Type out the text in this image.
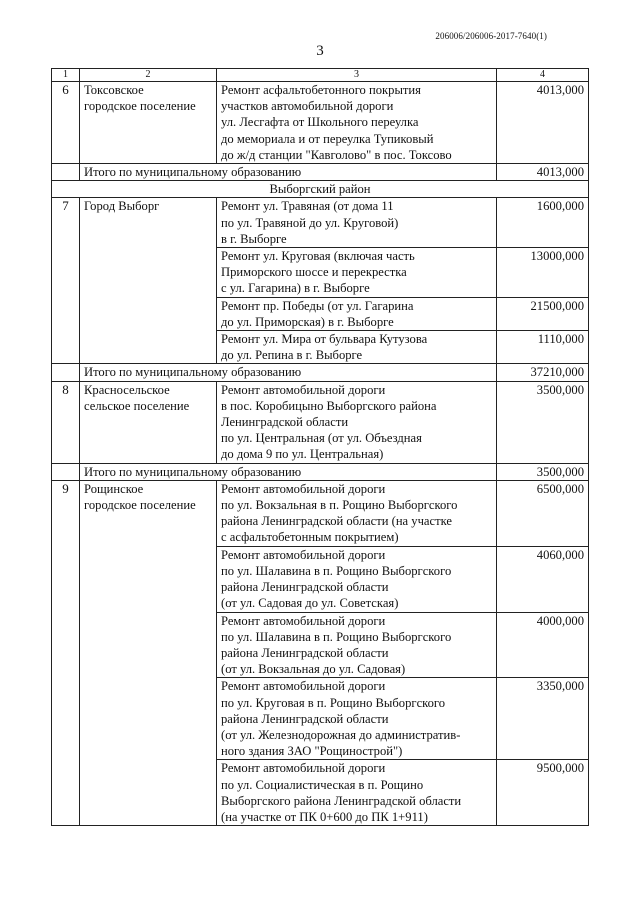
206006/206006-2017-7640(1)
3
1	2	3	4
6	Токсовское
городское поселение	Ремонт асфальтобетонного покрытия
участков автомобильной дороги
ул. Лесгафта от Школьного переулка
до мемориала и от переулка Тупиковый
до ж/д станции "Кавголово" в пос. Токсово	4013,000
	Итого по муниципальному образованию		4013,000
Выборгский район			
7	Город Выборг	Ремонт ул. Травяная (от дома 11
по ул. Травяной до ул. Круговой)
в г. Выборге	1600,000
		Ремонт ул. Круговая (включая часть
Приморского шоссе и перекрестка
с ул. Гагарина) в г. Выборге	13000,000
		Ремонт пр. Победы (от ул. Гагарина
до ул. Приморская) в г. Выборге	21500,000
		Ремонт ул. Мира от бульвара Кутузова
до ул. Репина в г. Выборге	1110,000
	Итого по муниципальному образованию		37210,000
8	Красносельское
сельское поселение	Ремонт автомобильной дороги
в пос. Коробицыно Выборгского района
Ленинградской области
по ул. Центральная (от ул. Объездная
до дома 9 по ул. Центральная)	3500,000
	Итого по муниципальному образованию		3500,000
9	Рощинское
городское поселение	Ремонт автомобильной дороги
по ул. Вокзальная в п. Рощино Выборгского
района Ленинградской области (на участке
с асфальтобетонным покрытием)	6500,000
		Ремонт автомобильной дороги
по ул. Шалавина в п. Рощино Выборгского
района Ленинградской области
(от ул. Садовая до ул. Советская)	4060,000
		Ремонт автомобильной дороги
по ул. Шалавина в п. Рощино Выборгского
района Ленинградской области
(от ул. Вокзальная до ул. Садовая)	4000,000
		Ремонт автомобильной дороги
по ул. Круговая в п. Рощино Выборгского
района Ленинградской области
(от ул. Железнодорожная до административ-
ного здания ЗАО "Рощинострой")	3350,000
		Ремонт автомобильной дороги
по ул. Социалистическая в п. Рощино
Выборгского района Ленинградской области
(на участке от ПК 0+600 до ПК 1+911)	9500,000
